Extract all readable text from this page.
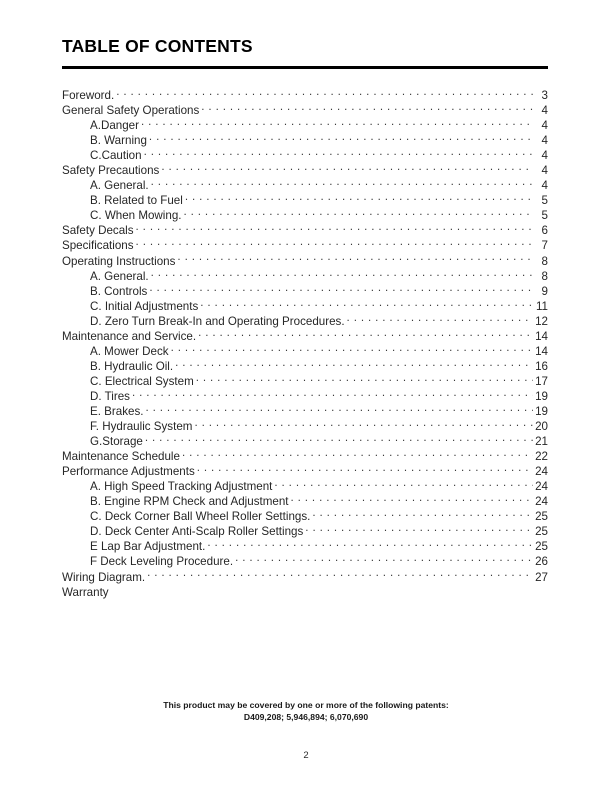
TABLE OF CONTENTS
Foreword. . . .	3
General Safety Operations . . .	4
A.Danger . . .	4
B. Warning . . .	4
C.Caution . . .	4
Safety Precautions . . .	4
A. General. . . .	4
B. Related to Fuel . . .	5
C. When Mowing. . . .	5
Safety Decals . . .	6
Specifications . . .	7
Operating Instructions . . .	8
A. General. . . .	8
B. Controls . . .	9
C. Initial Adjustments . . .	11
D. Zero Turn Break-In and Operating Procedures. . . .	12
Maintenance and Service. . . .	14
A. Mower Deck . . .	14
B. Hydraulic Oil. . . .	16
C. Electrical System . . .	17
D. Tires . . .	19
E. Brakes. . . .	19
F. Hydraulic System . . .	20
G.Storage . . .	21
Maintenance Schedule . . .	22
Performance Adjustments . . .	24
A. High Speed Tracking Adjustment . . .	24
B. Engine RPM Check and Adjustment . . .	24
C. Deck Corner Ball Wheel Roller Settings. . . .	25
D. Deck Center Anti-Scalp Roller Settings . . .	25
E Lap Bar Adjustment. . . .	25
F Deck Leveling Procedure. . . .	26
Wiring Diagram. . . .	27
Warranty
This product may be covered by one or more of the following patents:
D409,208; 5,946,894; 6,070,690
2
